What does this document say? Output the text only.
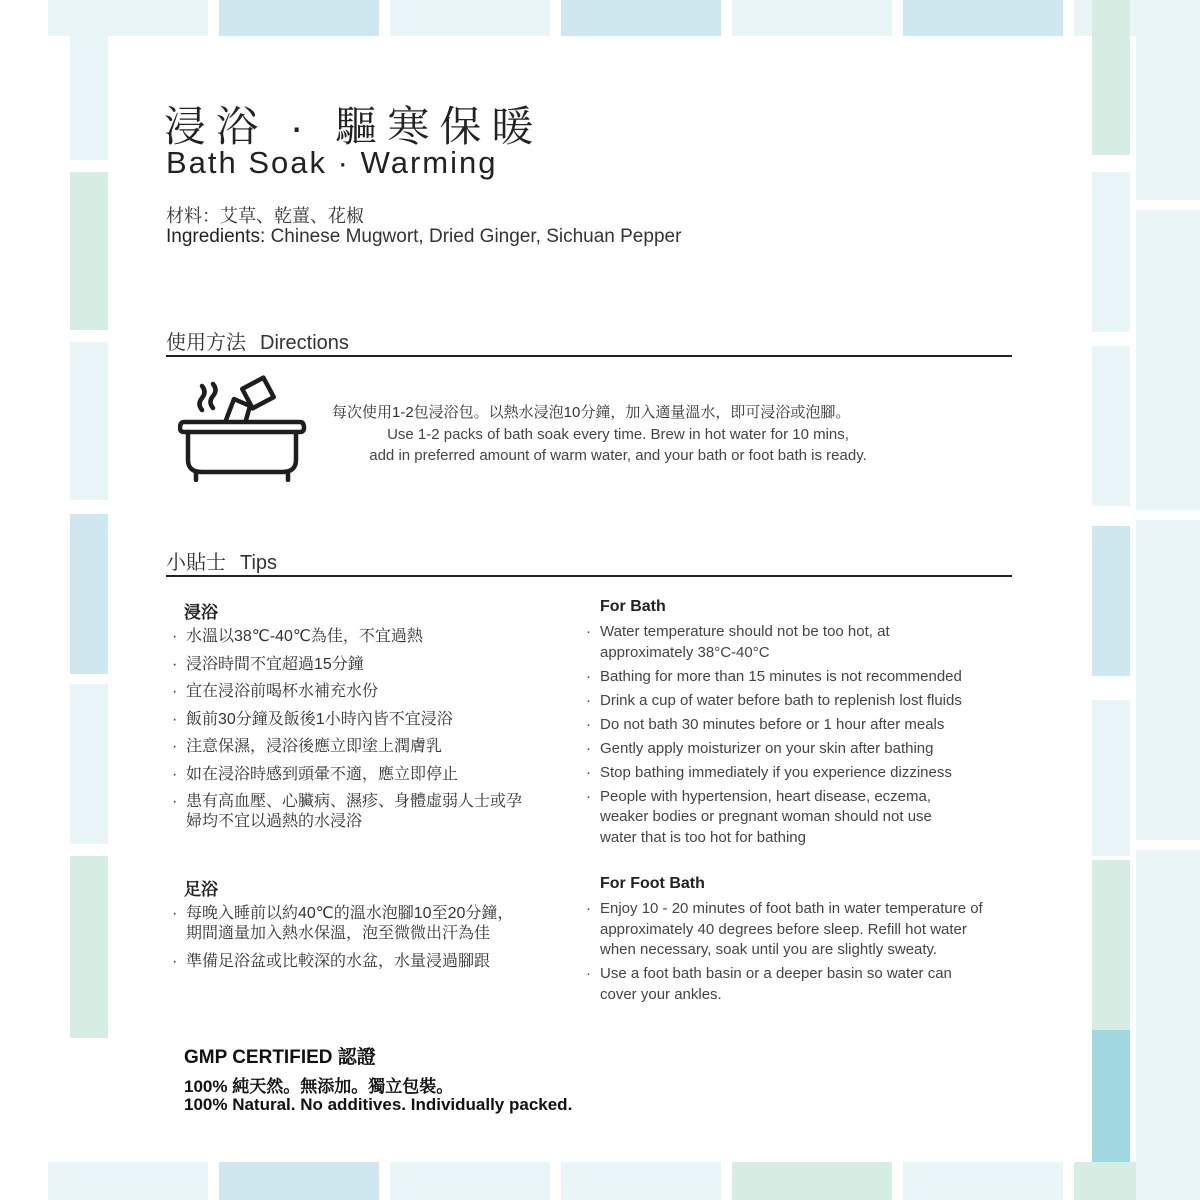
浸浴 · 驅寒保暖
Bath Soak · Warming
材料：艾草、乾薑、花椒
Ingredients: Chinese Mugwort, Dried Ginger, Sichuan Pepper
使用方法 Directions
每次使用1-2包浸浴包。以熱水浸泡10分鐘，加入適量溫水，即可浸浴或泡腳。
Use 1-2 packs of bath soak every time. Brew in hot water for 10 mins,
add in preferred amount of warm water, and your bath or foot bath is ready.
小貼士 Tips
浸浴
· 水溫以38℃-40℃為佳，不宜過熱
· 浸浴時間不宜超過15分鐘
· 宜在浸浴前喝杯水補充水份
· 飯前30分鐘及飯後1小時內皆不宜浸浴
· 注意保濕，浸浴後應立即塗上潤膚乳
· 如在浸浴時感到頭暈不適，應立即停止
· 患有高血壓、心臟病、濕疹、身體虛弱人士或孕婦均不宜以過熱的水浸浴
For Bath
· Water temperature should not be too hot, at approximately 38°C-40°C
· Bathing for more than 15 minutes is not recommended
· Drink a cup of water before bath to replenish lost fluids
· Do not bath 30 minutes before or 1 hour after meals
· Gently apply moisturizer on your skin after bathing
· Stop bathing immediately if you experience dizziness
· People with hypertension, heart disease, eczema, weaker bodies or pregnant woman should not use water that is too hot for bathing
足浴
· 每晚入睡前以約40℃的溫水泡腳10至20分鐘，期間適量加入熱水保溫，泡至微微出汗為佳
· 準備足浴盆或比較深的水盆，水量浸過腳跟
For Foot Bath
· Enjoy 10 - 20 minutes of foot bath in water temperature of approximately 40 degrees before sleep. Refill hot water when necessary, soak until you are slightly sweaty.
· Use a foot bath basin or a deeper basin so water can cover your ankles.
GMP CERTIFIED 認證
100% 純天然。無添加。獨立包裝。
100% Natural. No additives. Individually packed.
